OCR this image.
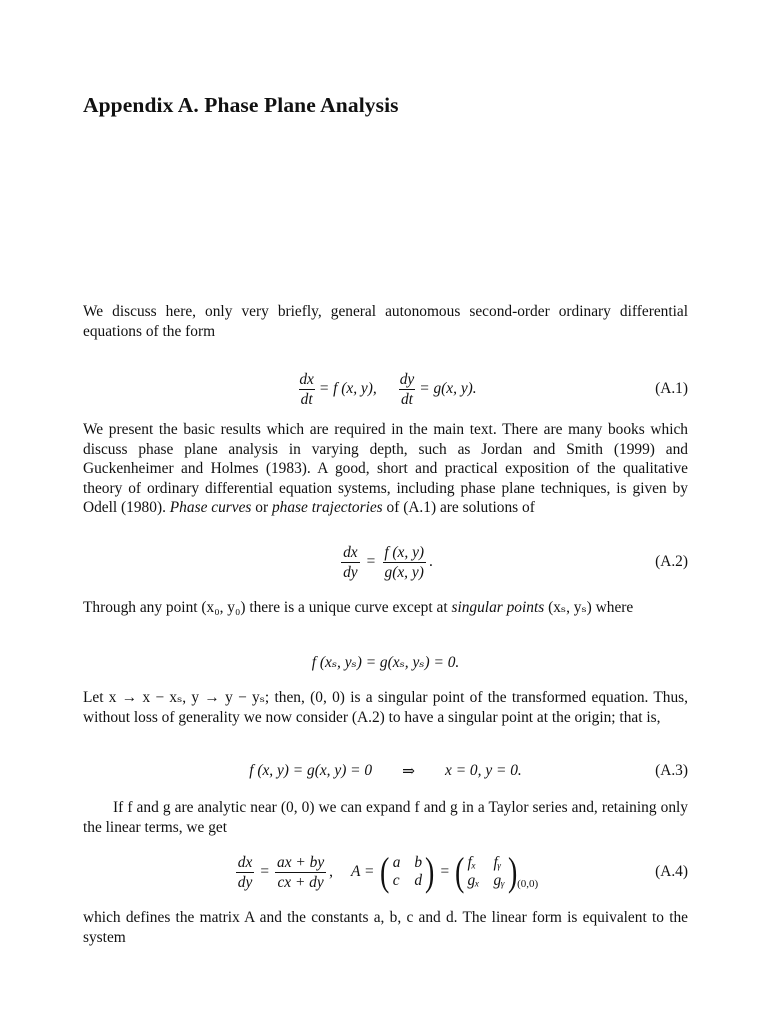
Appendix A. Phase Plane Analysis

We discuss here, only very briefly, general autonomous second-order ordinary differential equations of the form

$\frac{dx}{dt} = f$ (x, y), $\frac{dy}{dt} = g(x$, y).	(A.1)

We present the basic results which are required in the main text. There are many books which discuss phase plane analysis in varying depth, such as Jordan and Smith (1999) and Guckenheimer and Holmes (1983). A good, short and practical exposition of the qualitative theory of ordinary differential equation systems, including phase plane techniques, is given by Odell (1980). Phase curves or phase trajectories of (A.1) are solutions of

$\frac{dx}{dy} = \frac{f (x, y)}{g(x, y)}$ .	(A.2)

Through any point (x₀, y₀) there is a unique curve except at singular points (xₛ, yₛ) where

f (xₛ, yₛ) = g(xₛ, yₛ) = 0.

Let x → x − xₛ, y → y − yₛ; then, (0, 0) is a singular point of the transformed equation. Thus, without loss of generality we now consider (A.2) to have a singular point at the origin; that is,

f (x, y) = g(x, y) = 0 ⇒ x = 0, y = 0.	(A.3)

If f and g are analytic near (0, 0) we can expand f and g in a Taylor series and, retaining only the linear terms, we get

$\frac{dx}{dy} = \frac{ax + by}{cx + dy}$ , A = ( a b
c d ) = ( fₓ fᵧ
gₓ gᵧ ) (0,0)
(A.4)

which defines the matrix A and the constants a, b, c and d. The linear form is equivalent to the system
